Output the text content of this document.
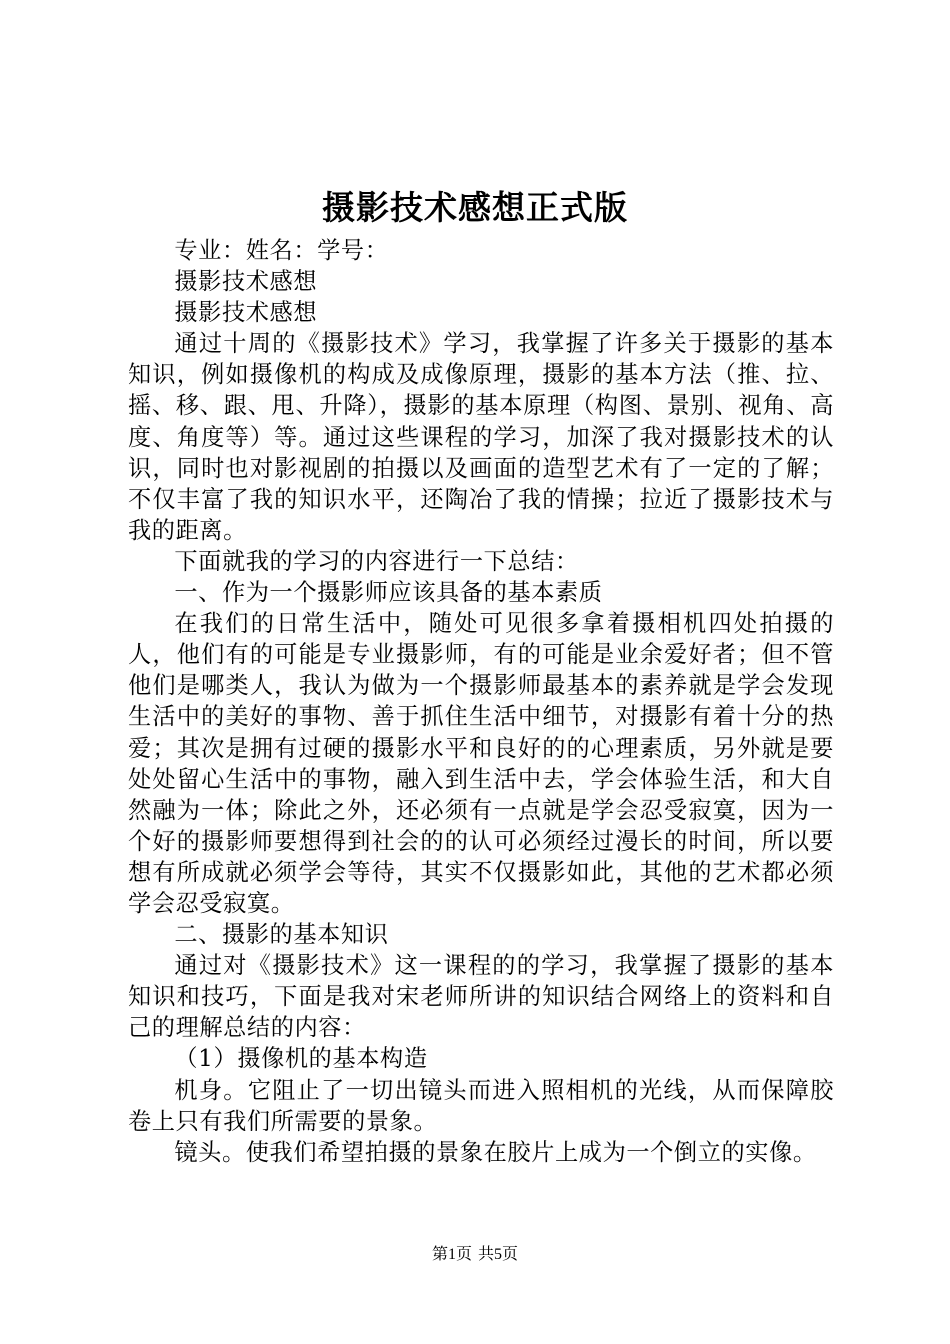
摄影技术感想正式版

专业：姓名：学号：

摄影技术感想

摄影技术感想

通过十周的《摄影技术》学习，我掌握了许多关于摄影的基本知识，例如摄像机的构成及成像原理，摄影的基本方法（推、拉、摇、移、跟、甩、升降），摄影的基本原理（构图、景别、视角、高度、角度等）等。通过这些课程的学习，加深了我对摄影技术的认识，同时也对影视剧的拍摄以及画面的造型艺术有了一定的了解；不仅丰富了我的知识水平，还陶冶了我的情操；拉近了摄影技术与我的距离。

下面就我的学习的内容进行一下总结：

一、作为一个摄影师应该具备的基本素质

在我们的日常生活中，随处可见很多拿着摄相机四处拍摄的人，他们有的可能是专业摄影师，有的可能是业余爱好者；但不管他们是哪类人，我认为做为一个摄影师最基本的素养就是学会发现生活中的美好的事物、善于抓住生活中细节，对摄影有着十分的热爱；其次是拥有过硬的摄影水平和良好的的心理素质，另外就是要处处留心生活中的事物，融入到生活中去，学会体验生活，和大自然融为一体；除此之外，还必须有一点就是学会忍受寂寞，因为一个好的摄影师要想得到社会的的认可必须经过漫长的时间，所以要想有所成就必须学会等待，其实不仅摄影如此，其他的艺术都必须学会忍受寂寞。

二、摄影的基本知识

通过对《摄影技术》这一课程的的学习，我掌握了摄影的基本知识和技巧，下面是我对宋老师所讲的知识结合网络上的资料和自己的理解总结的内容：

（1）摄像机的基本构造

机身。它阻止了一切出镜头而进入照相机的光线，从而保障胶卷上只有我们所需要的景象。

镜头。使我们希望拍摄的景象在胶片上成为一个倒立的实像。

第1页 共5页
